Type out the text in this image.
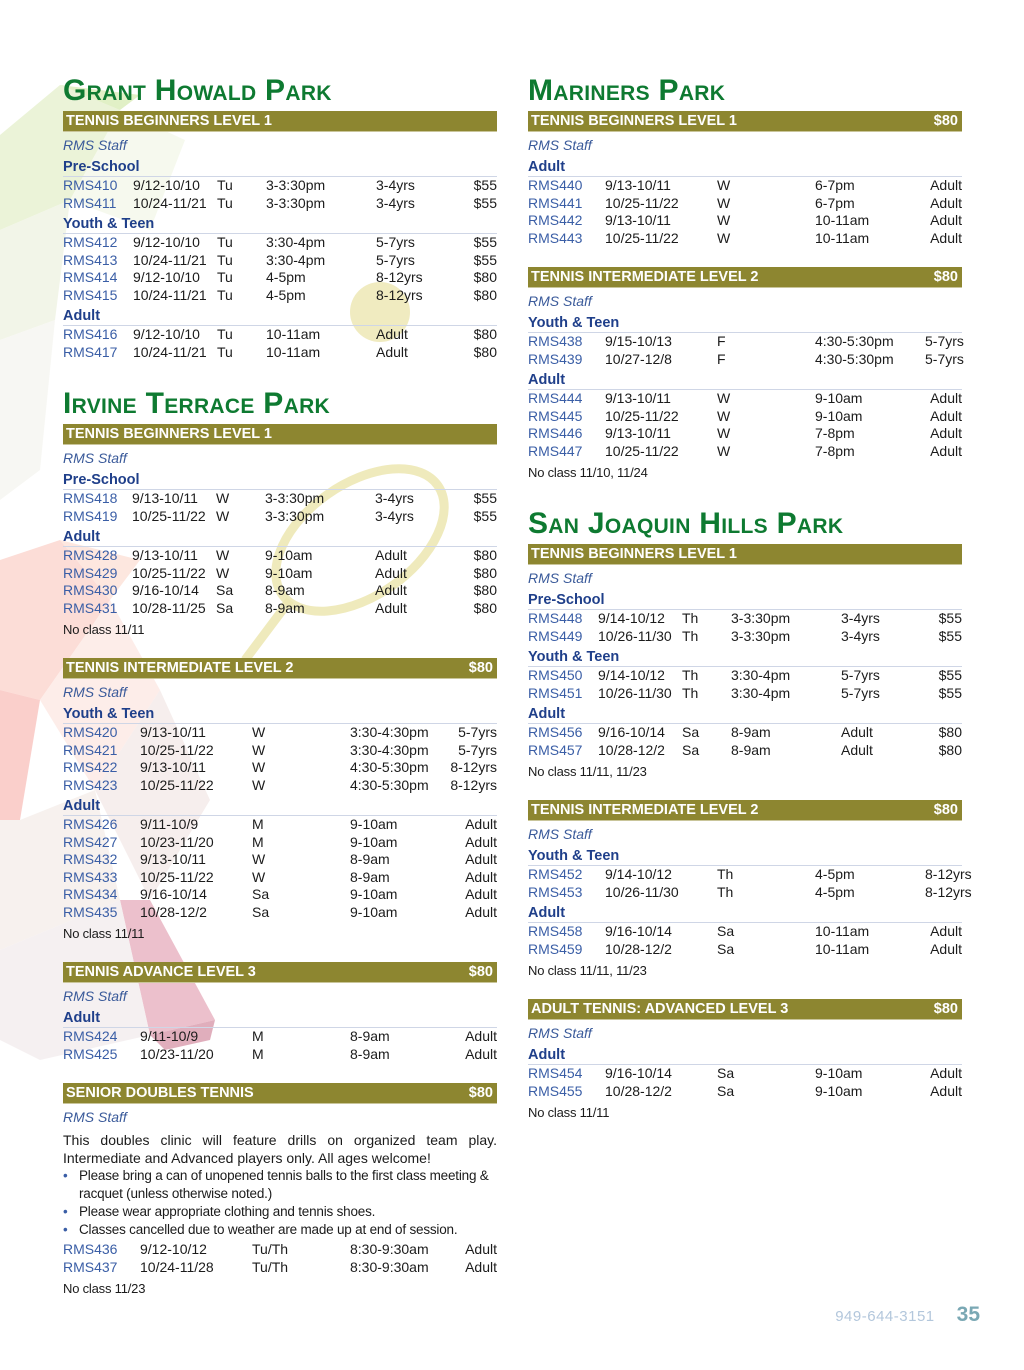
Grant Howald Park
TENNIS BEGINNERS LEVEL 1
RMS Staff
Pre-School
RMS410	9/12-10/10	Tu	3-3:30pm	3-4yrs	$55
RMS411	10/24-11/21 Tu	3-3:30pm	3-4yrs	$55
Youth & Teen
RMS412	9/12-10/10	Tu	3:30-4pm	5-7yrs	$55
RMS413	10/24-11/21 Tu	3:30-4pm	5-7yrs	$55
RMS414	9/12-10/10	Tu	4-5pm	8-12yrs	$80
RMS415	10/24-11/21 Tu	4-5pm	8-12yrs	$80
Adult
RMS416	9/12-10/10	Tu	10-11am	Adult	$80
RMS417	10/24-11/21 Tu	10-11am	Adult	$80
Irvine Terrace Park
TENNIS BEGINNERS LEVEL 1
RMS Staff
Pre-School
RMS418	9/13-10/11	W	3-3:30pm	3-4yrs	$55
RMS419	10/25-11/22 W	3-3:30pm	3-4yrs	$55
Adult
RMS428	9/13-10/11	W	9-10am	Adult	$80
RMS429	10/25-11/22 W	9-10am	Adult	$80
RMS430	9/16-10/14	Sa	8-9am	Adult	$80
RMS431	10/28-11/25 Sa	8-9am	Adult	$80
No class 11/11
TENNIS INTERMEDIATE LEVEL 2	$80
RMS Staff
Youth & Teen
RMS420	9/13-10/11	W	3:30-4:30pm	5-7yrs
RMS421	10/25-11/22	W	3:30-4:30pm	5-7yrs
RMS422	9/13-10/11	W	4:30-5:30pm	8-12yrs
RMS423	10/25-11/22	W	4:30-5:30pm	8-12yrs
Adult
RMS426	9/11-10/9	M	9-10am	Adult
RMS427	10/23-11/20	M	9-10am	Adult
RMS432	9/13-10/11	W	8-9am	Adult
RMS433	10/25-11/22	W	8-9am	Adult
RMS434	9/16-10/14	Sa	9-10am	Adult
RMS435	10/28-12/2	Sa	9-10am	Adult
No class 11/11
TENNIS ADVANCE LEVEL 3	$80
RMS Staff
Adult
RMS424	9/11-10/9	M	8-9am	Adult
RMS425	10/23-11/20	M	8-9am	Adult
SENIOR DOUBLES TENNIS	$80
RMS Staff

This doubles clinic will feature drills on organized team play. Intermediate and Advanced players only. All ages welcome!

• Please bring a can of unopened tennis balls to the first class meeting & racquet (unless otherwise noted.)
• Please wear appropriate clothing and tennis shoes.
• Classes cancelled due to weather are made up at end of session.
RMS436	9/12-10/12	Tu/Th	8:30-9:30am	Adult
RMS437	10/24-11/28	Tu/Th	8:30-9:30am	Adult
No class 11/23
Mariners Park
TENNIS BEGINNERS LEVEL 1	$80
RMS Staff
Adult
RMS440	9/13-10/11	W	6-7pm	Adult
RMS441	10/25-11/22	W	6-7pm	Adult
RMS442	9/13-10/11	W	10-11am	Adult
RMS443	10/25-11/22	W	10-11am	Adult
TENNIS INTERMEDIATE LEVEL 2	$80
RMS Staff
Youth & Teen
RMS438	9/15-10/13	F	4:30-5:30pm	5-7yrs
RMS439	10/27-12/8	F	4:30-5:30pm	5-7yrs
Adult
RMS444	9/13-10/11	W	9-10am	Adult
RMS445	10/25-11/22	W	9-10am	Adult
RMS446	9/13-10/11	W	7-8pm	Adult
RMS447	10/25-11/22	W	7-8pm	Adult
No class 11/10, 11/24
San Joaquin Hills Park
TENNIS BEGINNERS LEVEL 1
RMS Staff
Pre-School
RMS448	9/14-10/12	Th	3-3:30pm	3-4yrs	$55
RMS449	10/26-11/30 Th	3-3:30pm	3-4yrs	$55
Youth & Teen
RMS450	9/14-10/12	Th	3:30-4pm	5-7yrs	$55
RMS451	10/26-11/30 Th	3:30-4pm	5-7yrs	$55
Adult
RMS456	9/16-10/14	Sa	8-9am	Adult	$80
RMS457	10/28-12/2	Sa	8-9am	Adult	$80
No class 11/11, 11/23
TENNIS INTERMEDIATE LEVEL 2	$80
RMS Staff
Youth & Teen
RMS452	9/14-10/12	Th	4-5pm	8-12yrs
RMS453	10/26-11/30	Th	4-5pm	8-12yrs
Adult
RMS458	9/16-10/14	Sa	10-11am	Adult
RMS459	10/28-12/2	Sa	10-11am	Adult
No class 11/11, 11/23
ADULT TENNIS: ADVANCED LEVEL 3	$80
RMS Staff
Adult
RMS454	9/16-10/14	Sa	9-10am	Adult
RMS455	10/28-12/2	Sa	9-10am	Adult
No class 11/11
949-644-3151 35
